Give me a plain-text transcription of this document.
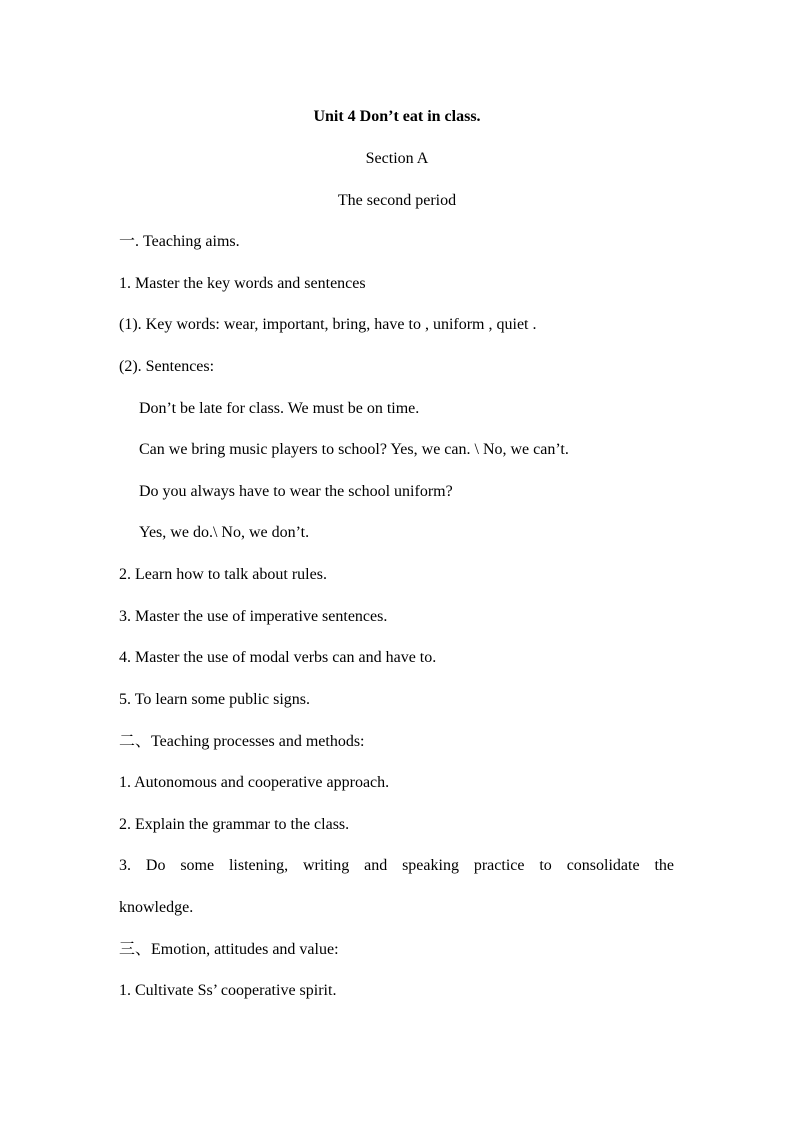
Unit 4 Don’t eat in class.
Section A
The second period
一. Teaching aims.
1. Master the key words and sentences
(1). Key words: wear, important, bring, have to , uniform , quiet .
(2). Sentences:
Don’t be late for class. We must be on time.
Can we bring music players to school? Yes, we can. \ No, we can’t.
Do you always have to wear the school uniform?
Yes, we do.\ No, we don’t.
2. Learn how to talk about rules.
3. Master the use of imperative sentences.
4. Master the use of modal verbs can and have to.
5. To learn some public signs.
二、Teaching processes and methods:
1. Autonomous and cooperative approach.
2. Explain the grammar to the class.
3. Do some listening, writing and speaking practice to consolidate the
knowledge.
三、Emotion, attitudes and value:
1. Cultivate Ss’ cooperative spirit.
